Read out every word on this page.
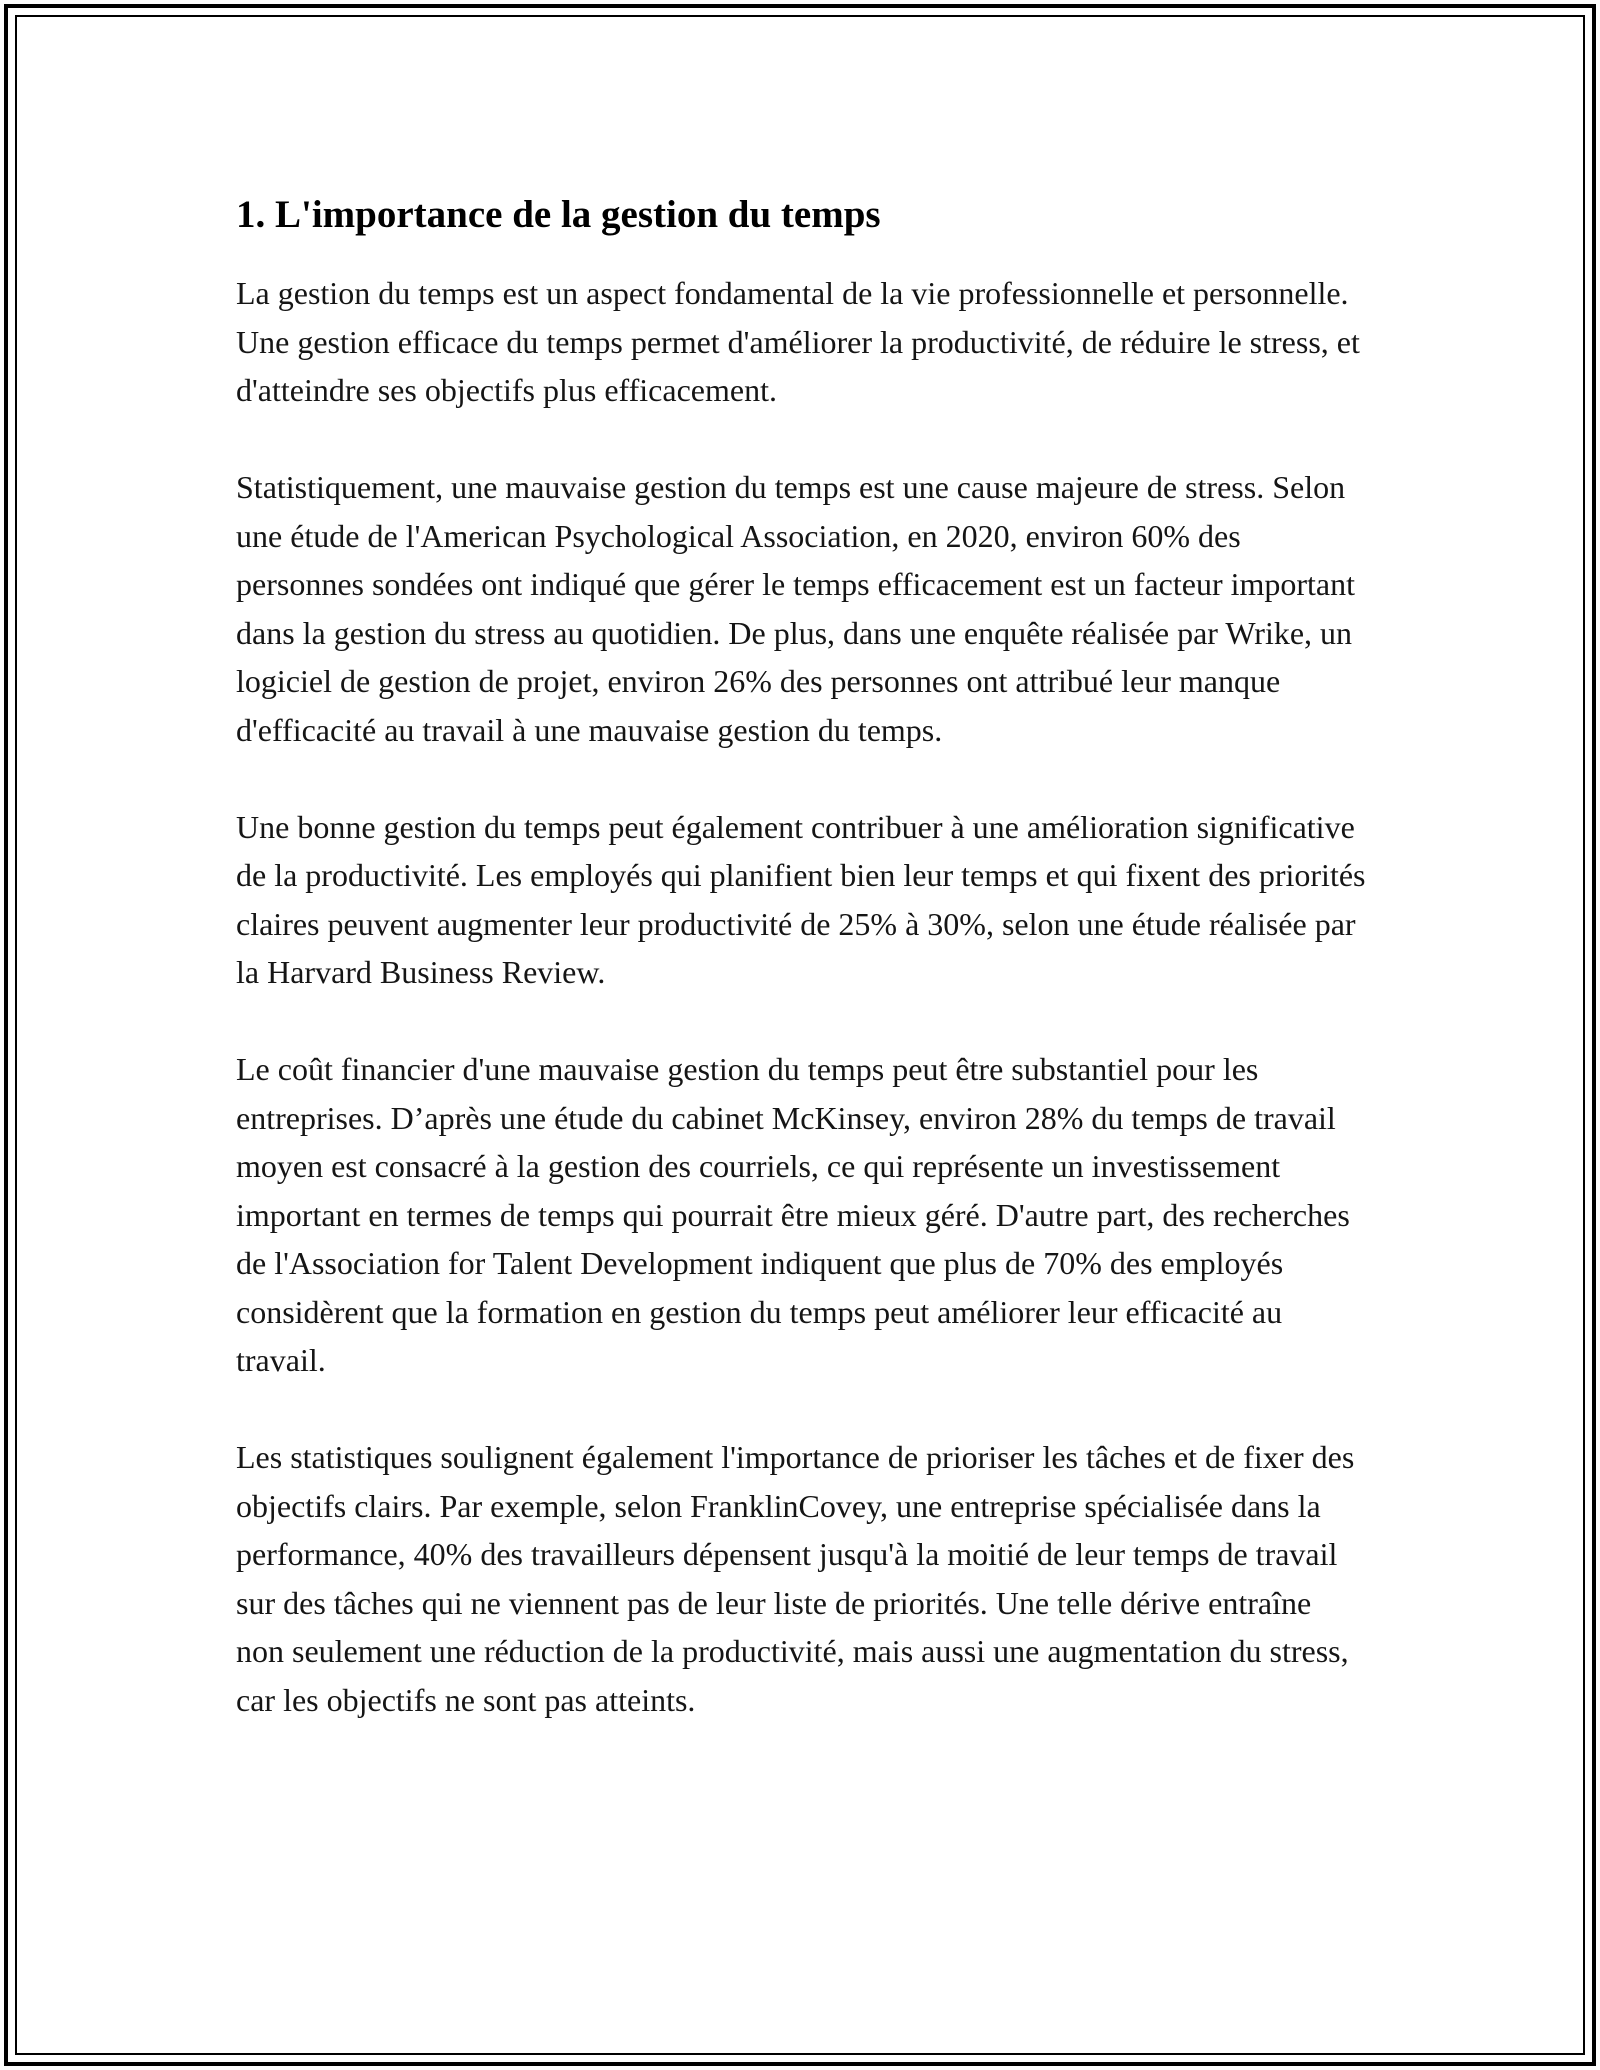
1. L'importance de la gestion du temps

La gestion du temps est un aspect fondamental de la vie professionnelle et personnelle. Une gestion efficace du temps permet d'améliorer la productivité, de réduire le stress, et d'atteindre ses objectifs plus efficacement.

Statistiquement, une mauvaise gestion du temps est une cause majeure de stress. Selon une étude de l'American Psychological Association, en 2020, environ 60% des personnes sondées ont indiqué que gérer le temps efficacement est un facteur important dans la gestion du stress au quotidien. De plus, dans une enquête réalisée par Wrike, un logiciel de gestion de projet, environ 26% des personnes ont attribué leur manque d'efficacité au travail à une mauvaise gestion du temps.

Une bonne gestion du temps peut également contribuer à une amélioration significative de la productivité. Les employés qui planifient bien leur temps et qui fixent des priorités claires peuvent augmenter leur productivité de 25% à 30%, selon une étude réalisée par la Harvard Business Review.

Le coût financier d'une mauvaise gestion du temps peut être substantiel pour les entreprises. D’après une étude du cabinet McKinsey, environ 28% du temps de travail moyen est consacré à la gestion des courriels, ce qui représente un investissement important en termes de temps qui pourrait être mieux géré. D'autre part, des recherches de l'Association for Talent Development indiquent que plus de 70% des employés considèrent que la formation en gestion du temps peut améliorer leur efficacité au travail.

Les statistiques soulignent également l'importance de prioriser les tâches et de fixer des objectifs clairs. Par exemple, selon FranklinCovey, une entreprise spécialisée dans la performance, 40% des travailleurs dépensent jusqu'à la moitié de leur temps de travail sur des tâches qui ne viennent pas de leur liste de priorités. Une telle dérive entraîne non seulement une réduction de la productivité, mais aussi une augmentation du stress, car les objectifs ne sont pas atteints.
